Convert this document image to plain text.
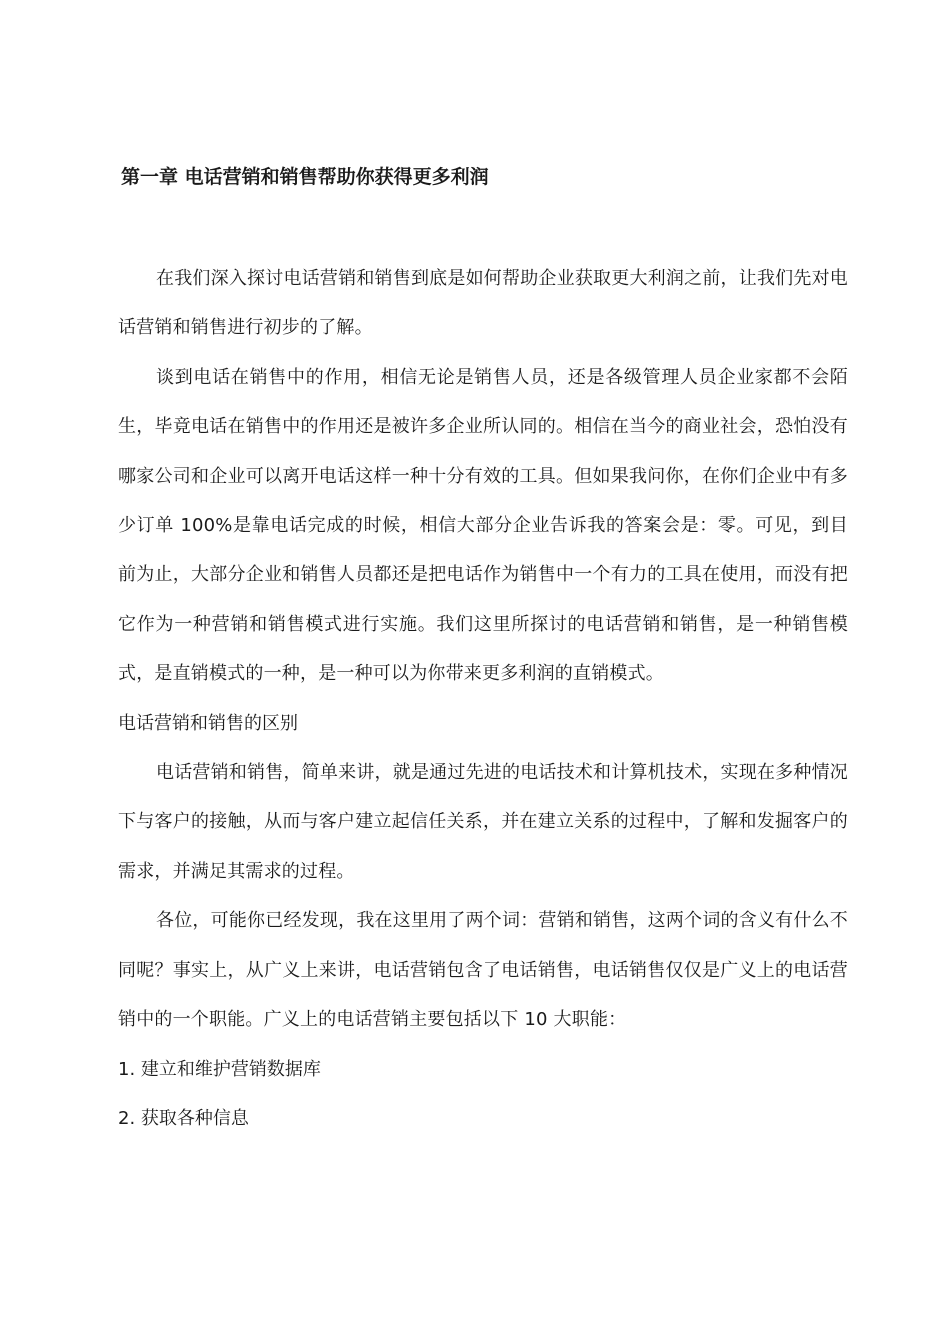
第一章 电话营销和销售帮助你获得更多利润

在我们深入探讨电话营销和销售到底是如何帮助企业获取更大利润之前，让我们先对电话营销和销售进行初步的了解。

谈到电话在销售中的作用，相信无论是销售人员，还是各级管理人员企业家都不会陌生，毕竟电话在销售中的作用还是被许多企业所认同的。相信在当今的商业社会，恐怕没有哪家公司和企业可以离开电话这样一种十分有效的工具。但如果我问你，在你们企业中有多少订单 100%是靠电话完成的时候，相信大部分企业告诉我的答案会是：零。可见，到目前为止，大部分企业和销售人员都还是把电话作为销售中一个有力的工具在使用，而没有把它作为一种营销和销售模式进行实施。我们这里所探讨的电话营销和销售，是一种销售模式，是直销模式的一种，是一种可以为你带来更多利润的直销模式。

电话营销和销售的区别

电话营销和销售，简单来讲，就是通过先进的电话技术和计算机技术，实现在多种情况下与客户的接触，从而与客户建立起信任关系，并在建立关系的过程中，了解和发掘客户的需求，并满足其需求的过程。

各位，可能你已经发现，我在这里用了两个词：营销和销售，这两个词的含义有什么不同呢？事实上，从广义上来讲，电话营销包含了电话销售，电话销售仅仅是广义上的电话营销中的一个职能。广义上的电话营销主要包括以下 10 大职能：

1. 建立和维护营销数据库

2. 获取各种信息
